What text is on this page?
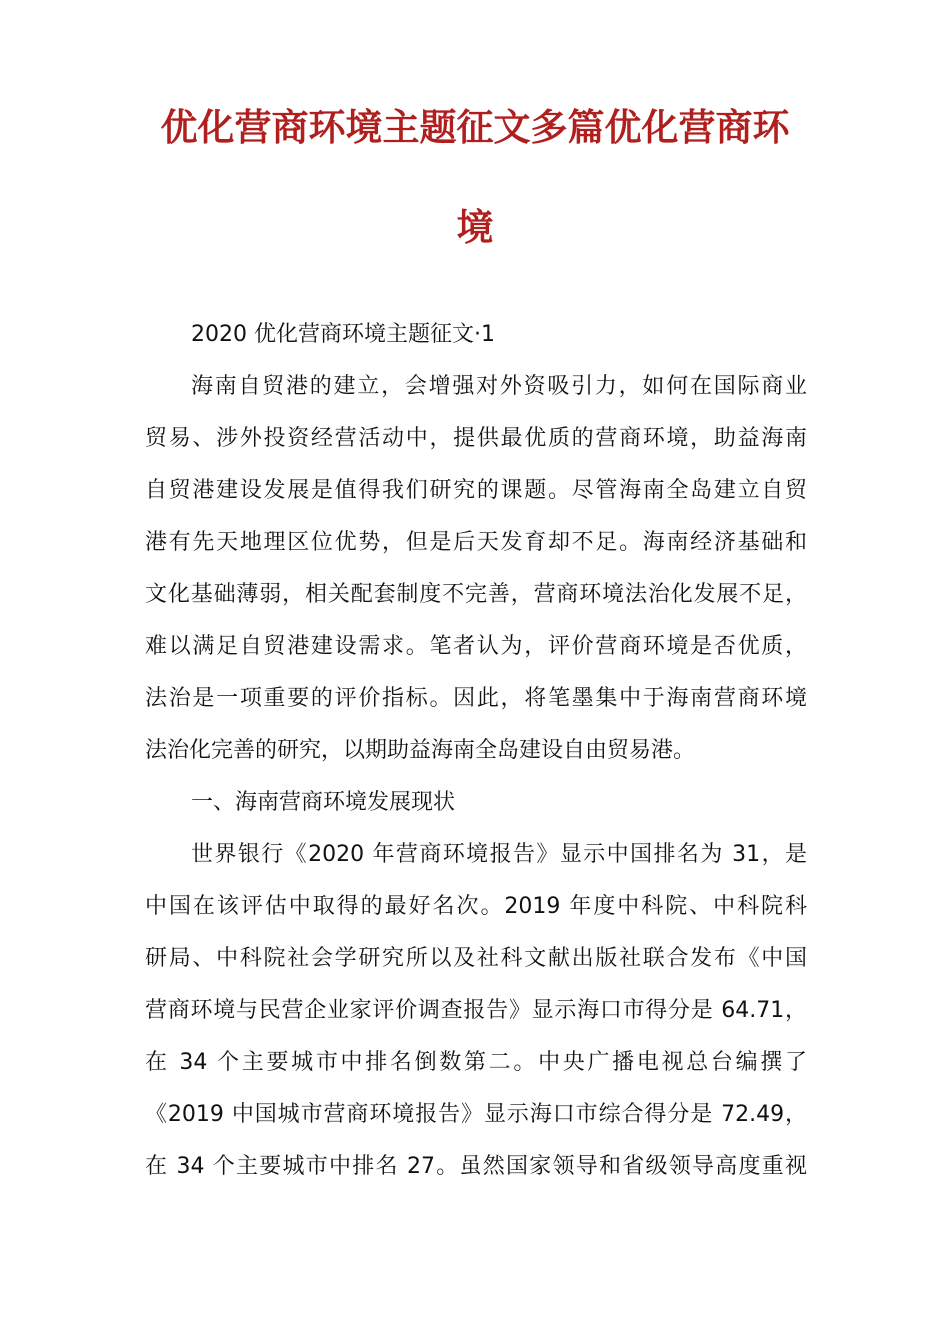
优化营商环境主题征文多篇优化营商环
境

2020 优化营商环境主题征文·1

海南自贸港的建立，会增强对外资吸引力，如何在国际商业

贸易、涉外投资经营活动中，提供最优质的营商环境，助益海南

自贸港建设发展是值得我们研究的课题。尽管海南全岛建立自贸

港有先天地理区位优势，但是后天发育却不足。海南经济基础和

文化基础薄弱，相关配套制度不完善，营商环境法治化发展不足，

难以满足自贸港建设需求。笔者认为，评价营商环境是否优质，

法治是一项重要的评价指标。因此，将笔墨集中于海南营商环境

法治化完善的研究，以期助益海南全岛建设自由贸易港。

一、海南营商环境发展现状

世界银行《2020 年营商环境报告》显示中国排名为 31，是

中国在该评估中取得的最好名次。2019 年度中科院、中科院科

研局、中科院社会学研究所以及社科文献出版社联合发布《中国

营商环境与民营企业家评价调查报告》显示海口市得分是 64.71，

在 34 个主要城市中排名倒数第二。中央广播电视总台编撰了

《2019 中国城市营商环境报告》显示海口市综合得分是 72.49，

在 34 个主要城市中排名 27。虽然国家领导和省级领导高度重视
